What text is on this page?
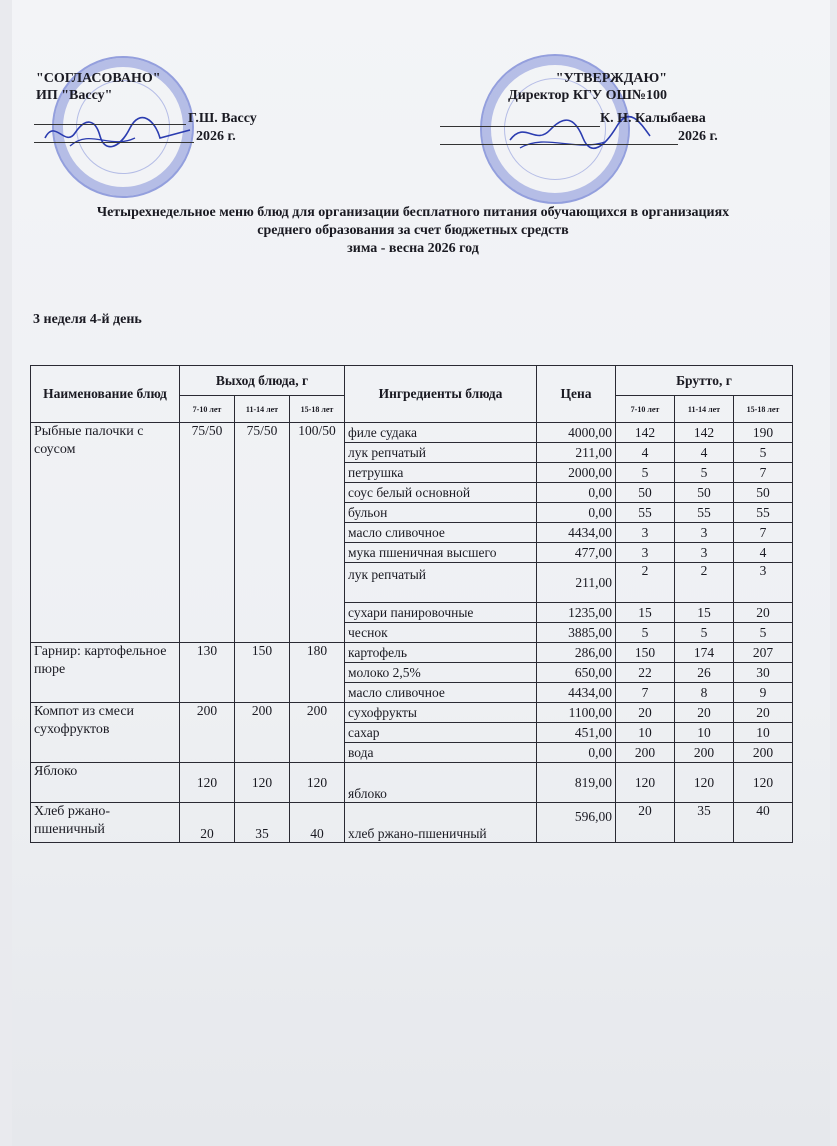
"СОГЛАСОВАНО"
ИП "Вассу"
Г.Ш. Вассу
2026 г.
"УТВЕРЖДАЮ"
Директор КГУ ОШ№100
К. Н. Калыбаева
2026 г.
Четырехнедельное меню блюд для организации бесплатного питания обучающихся в организациях
среднего образования за счет бюджетных средств
зима - весна 2026 год
3 неделя 4-й день
Наименование блюд	Выход блюда, г			Ингредиенты блюда	Цена	Брутто, г		
	7-10 лет	11-14 лет	15-18 лет			7-10 лет	11-14 лет	15-18 лет
Рыбные палочки с соусом	75/50	75/50	100/50	филе судака	4000,00	142	142	190
				лук репчатый	211,00	4	4	5
				петрушка	2000,00	5	5	7
				соус белый основной	0,00	50	50	50
				бульон	0,00	55	55	55
				масло сливочное	4434,00	3	3	7
				мука пшеничная высшего	477,00	3	3	4
				лук репчатый	211,00	2	2	3
				сухари панировочные	1235,00	15	15	20
				чеснок	3885,00	5	5	5
Гарнир: картофельное пюре	130	150	180	картофель	286,00	150	174	207
				молоко 2,5%	650,00	22	26	30
				масло сливочное	4434,00	7	8	9
Компот из смеси сухофруктов	200	200	200	сухофрукты	1100,00	20	20	20
				сахар	451,00	10	10	10
				вода	0,00	200	200	200
Яблоко	120	120	120	яблоко	819,00	120	120	120
Хлеб ржано-пшеничный	20	35	40	хлеб ржано-пшеничный	596,00	20	35	40
